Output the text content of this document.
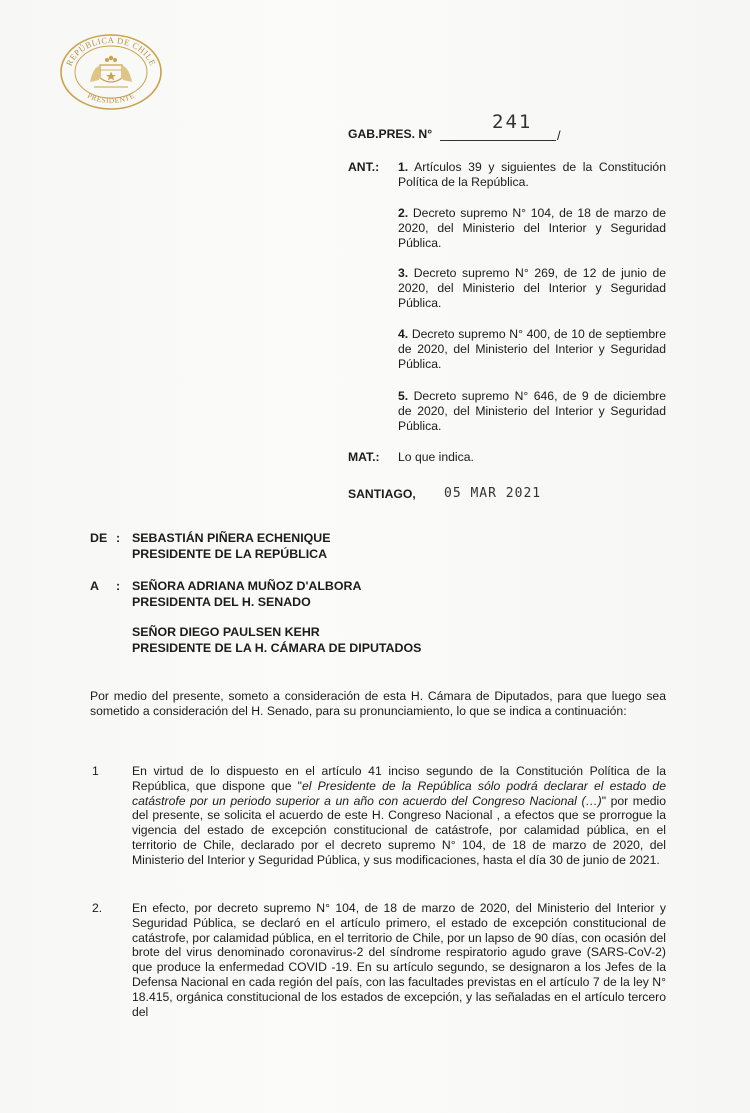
REPÚBLICA DE CHILE
PRESIDENTE
GAB.PRES. N°
241
/
ANT.: 1. Artículos 39 y siguientes de la Constitución Política de la República.
2. Decreto supremo N° 104, de 18 de marzo de 2020, del Ministerio del Interior y Seguridad Pública.
3. Decreto supremo N° 269, de 12 de junio de 2020, del Ministerio del Interior y Seguridad Pública.
4. Decreto supremo N° 400, de 10 de septiembre de 2020, del Ministerio del Interior y Seguridad Pública.
5. Decreto supremo N° 646, de 9 de diciembre de 2020, del Ministerio del Interior y Seguridad Pública.
MAT.: Lo que indica.
SANTIAGO, 05 MAR 2021
DE : SEBASTIÁN PIÑERA ECHENIQUE
PRESIDENTE DE LA REPÚBLICA
A : SEÑORA ADRIANA MUÑOZ D'ALBORA
PRESIDENTA DEL H. SENADO
SEÑOR DIEGO PAULSEN KEHR
PRESIDENTE DE LA H. CÁMARA DE DIPUTADOS
Por medio del presente, someto a consideración de esta H. Cámara de Diputados, para que luego sea sometido a consideración del H. Senado, para su pronunciamiento, lo que se indica a continuación:
1	En virtud de lo dispuesto en el artículo 41 inciso segundo de la Constitución Política de la República, que dispone que "el Presidente de la República sólo podrá declarar el estado de catástrofe por un periodo superior a un año con acuerdo del Congreso Nacional (…)" por medio del presente, se solicita el acuerdo de este H. Congreso Nacional , a efectos que se prorrogue la vigencia del estado de excepción constitucional de catástrofe, por calamidad pública, en el territorio de Chile, declarado por el decreto supremo N° 104, de 18 de marzo de 2020, del Ministerio del Interior y Seguridad Pública, y sus modificaciones, hasta el día 30 de junio de 2021.
2. En efecto, por decreto supremo N° 104, de 18 de marzo de 2020, del Ministerio del Interior y Seguridad Pública, se declaró en el artículo primero, el estado de excepción constitucional de catástrofe, por calamidad pública, en el territorio de Chile, por un lapso de 90 días, con ocasión del brote del virus denominado coronavirus-2 del síndrome respiratorio agudo grave (SARS-CoV-2) que produce la enfermedad COVID -19. En su artículo segundo, se designaron a los Jefes de la Defensa Nacional en cada región del país, con las facultades previstas en el artículo 7 de la ley N° 18.415, orgánica constitucional de los estados de excepción, y las señaladas en el artículo tercero del
